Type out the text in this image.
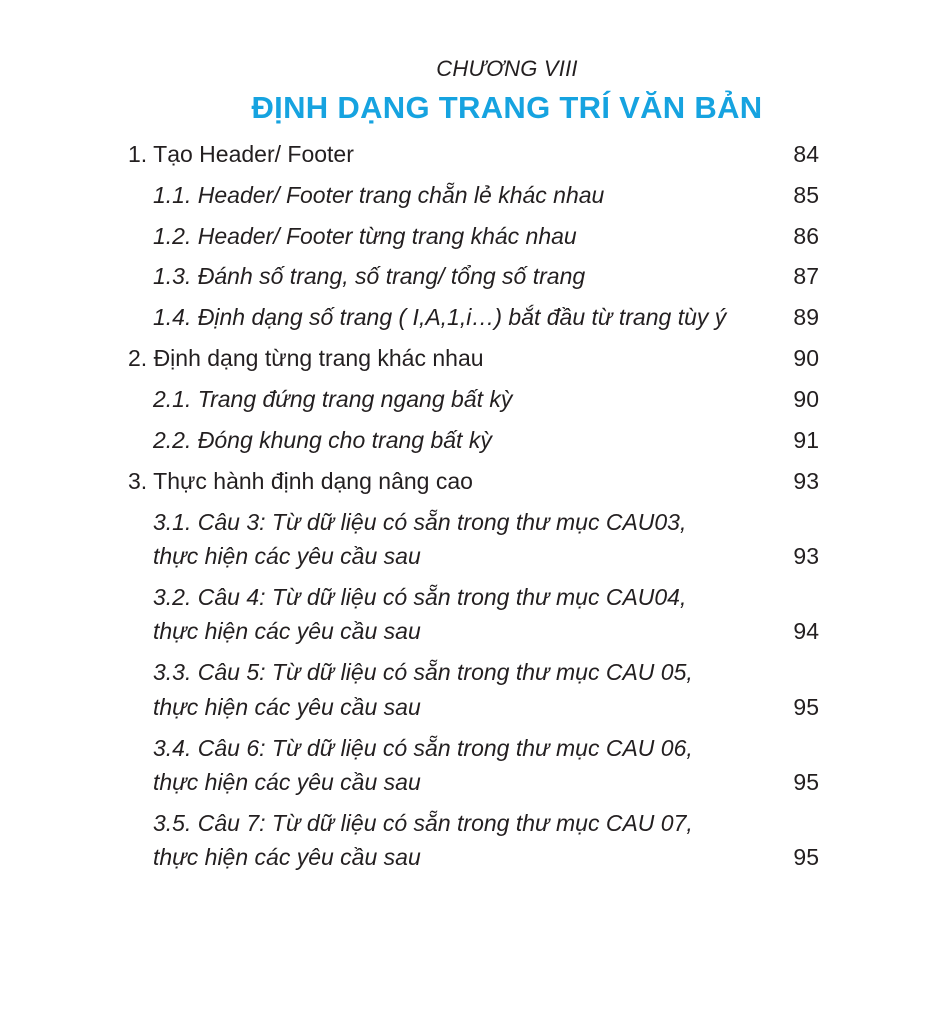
CHƯƠNG VIII
ĐỊNH DẠNG TRANG TRÍ VĂN BẢN
1. Tạo Header/ Footer	84
1.1. Header/ Footer trang chẵn lẻ khác nhau	85
1.2. Header/ Footer từng trang khác nhau	86
1.3. Đánh số trang, số trang/ tổng số trang	87
1.4. Định dạng số trang ( I,A,1,i…) bắt đầu từ trang tùy ý	89
2. Định dạng từng trang khác nhau	90
2.1. Trang đứng trang ngang bất kỳ	90
2.2. Đóng khung cho trang bất kỳ	91
3. Thực hành định dạng nâng cao	93
3.1. Câu 3: Từ dữ liệu có sẵn trong thư mục CAU03,
thực hiện các yêu cầu sau	93
3.2. Câu 4: Từ dữ liệu có sẵn trong thư mục CAU04,
thực hiện các yêu cầu sau	94
3.3. Câu 5: Từ dữ liệu có sẵn trong thư mục CAU 05,
thực hiện các yêu cầu sau	95
3.4. Câu 6: Từ dữ liệu có sẵn trong thư mục CAU 06,
thực hiện các yêu cầu sau	95
3.5. Câu 7: Từ dữ liệu có sẵn trong thư mục CAU 07,
thực hiện các yêu cầu sau	95
